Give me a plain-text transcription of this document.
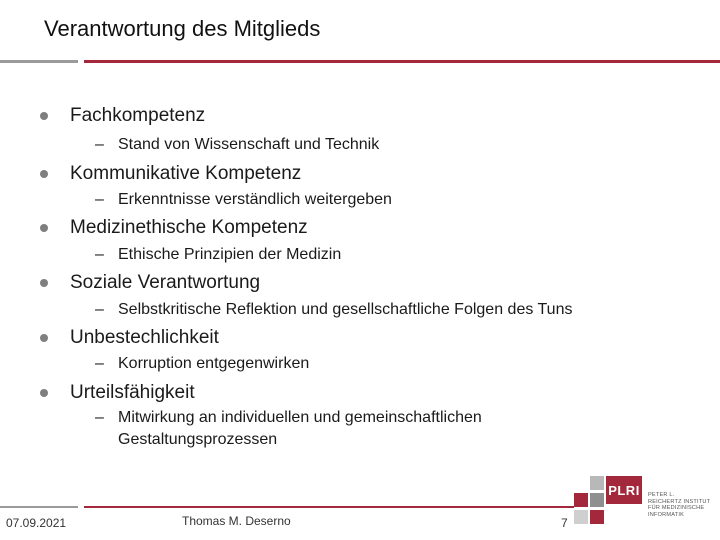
Verantwortung des Mitglieds
Fachkompetenz
– Stand von Wissenschaft und Technik
Kommunikative Kompetenz
– Erkenntnisse verständlich weitergeben
Medizinethische Kompetenz
– Ethische Prinzipien der Medizin
Soziale Verantwortung
– Selbstkritische Reflektion und gesellschaftliche Folgen des Tuns
Unbestechlichkeit
– Korruption entgegenwirken
Urteilsfähigkeit
– Mitwirkung an individuellen und gemeinschaftlichen Gestaltungsprozessen
07.09.2021	Thomas M. Deserno	7
PLRI	PETER L.
REICHERTZ INSTITUT
FÜR MEDIZINISCHE
INFORMATIK
